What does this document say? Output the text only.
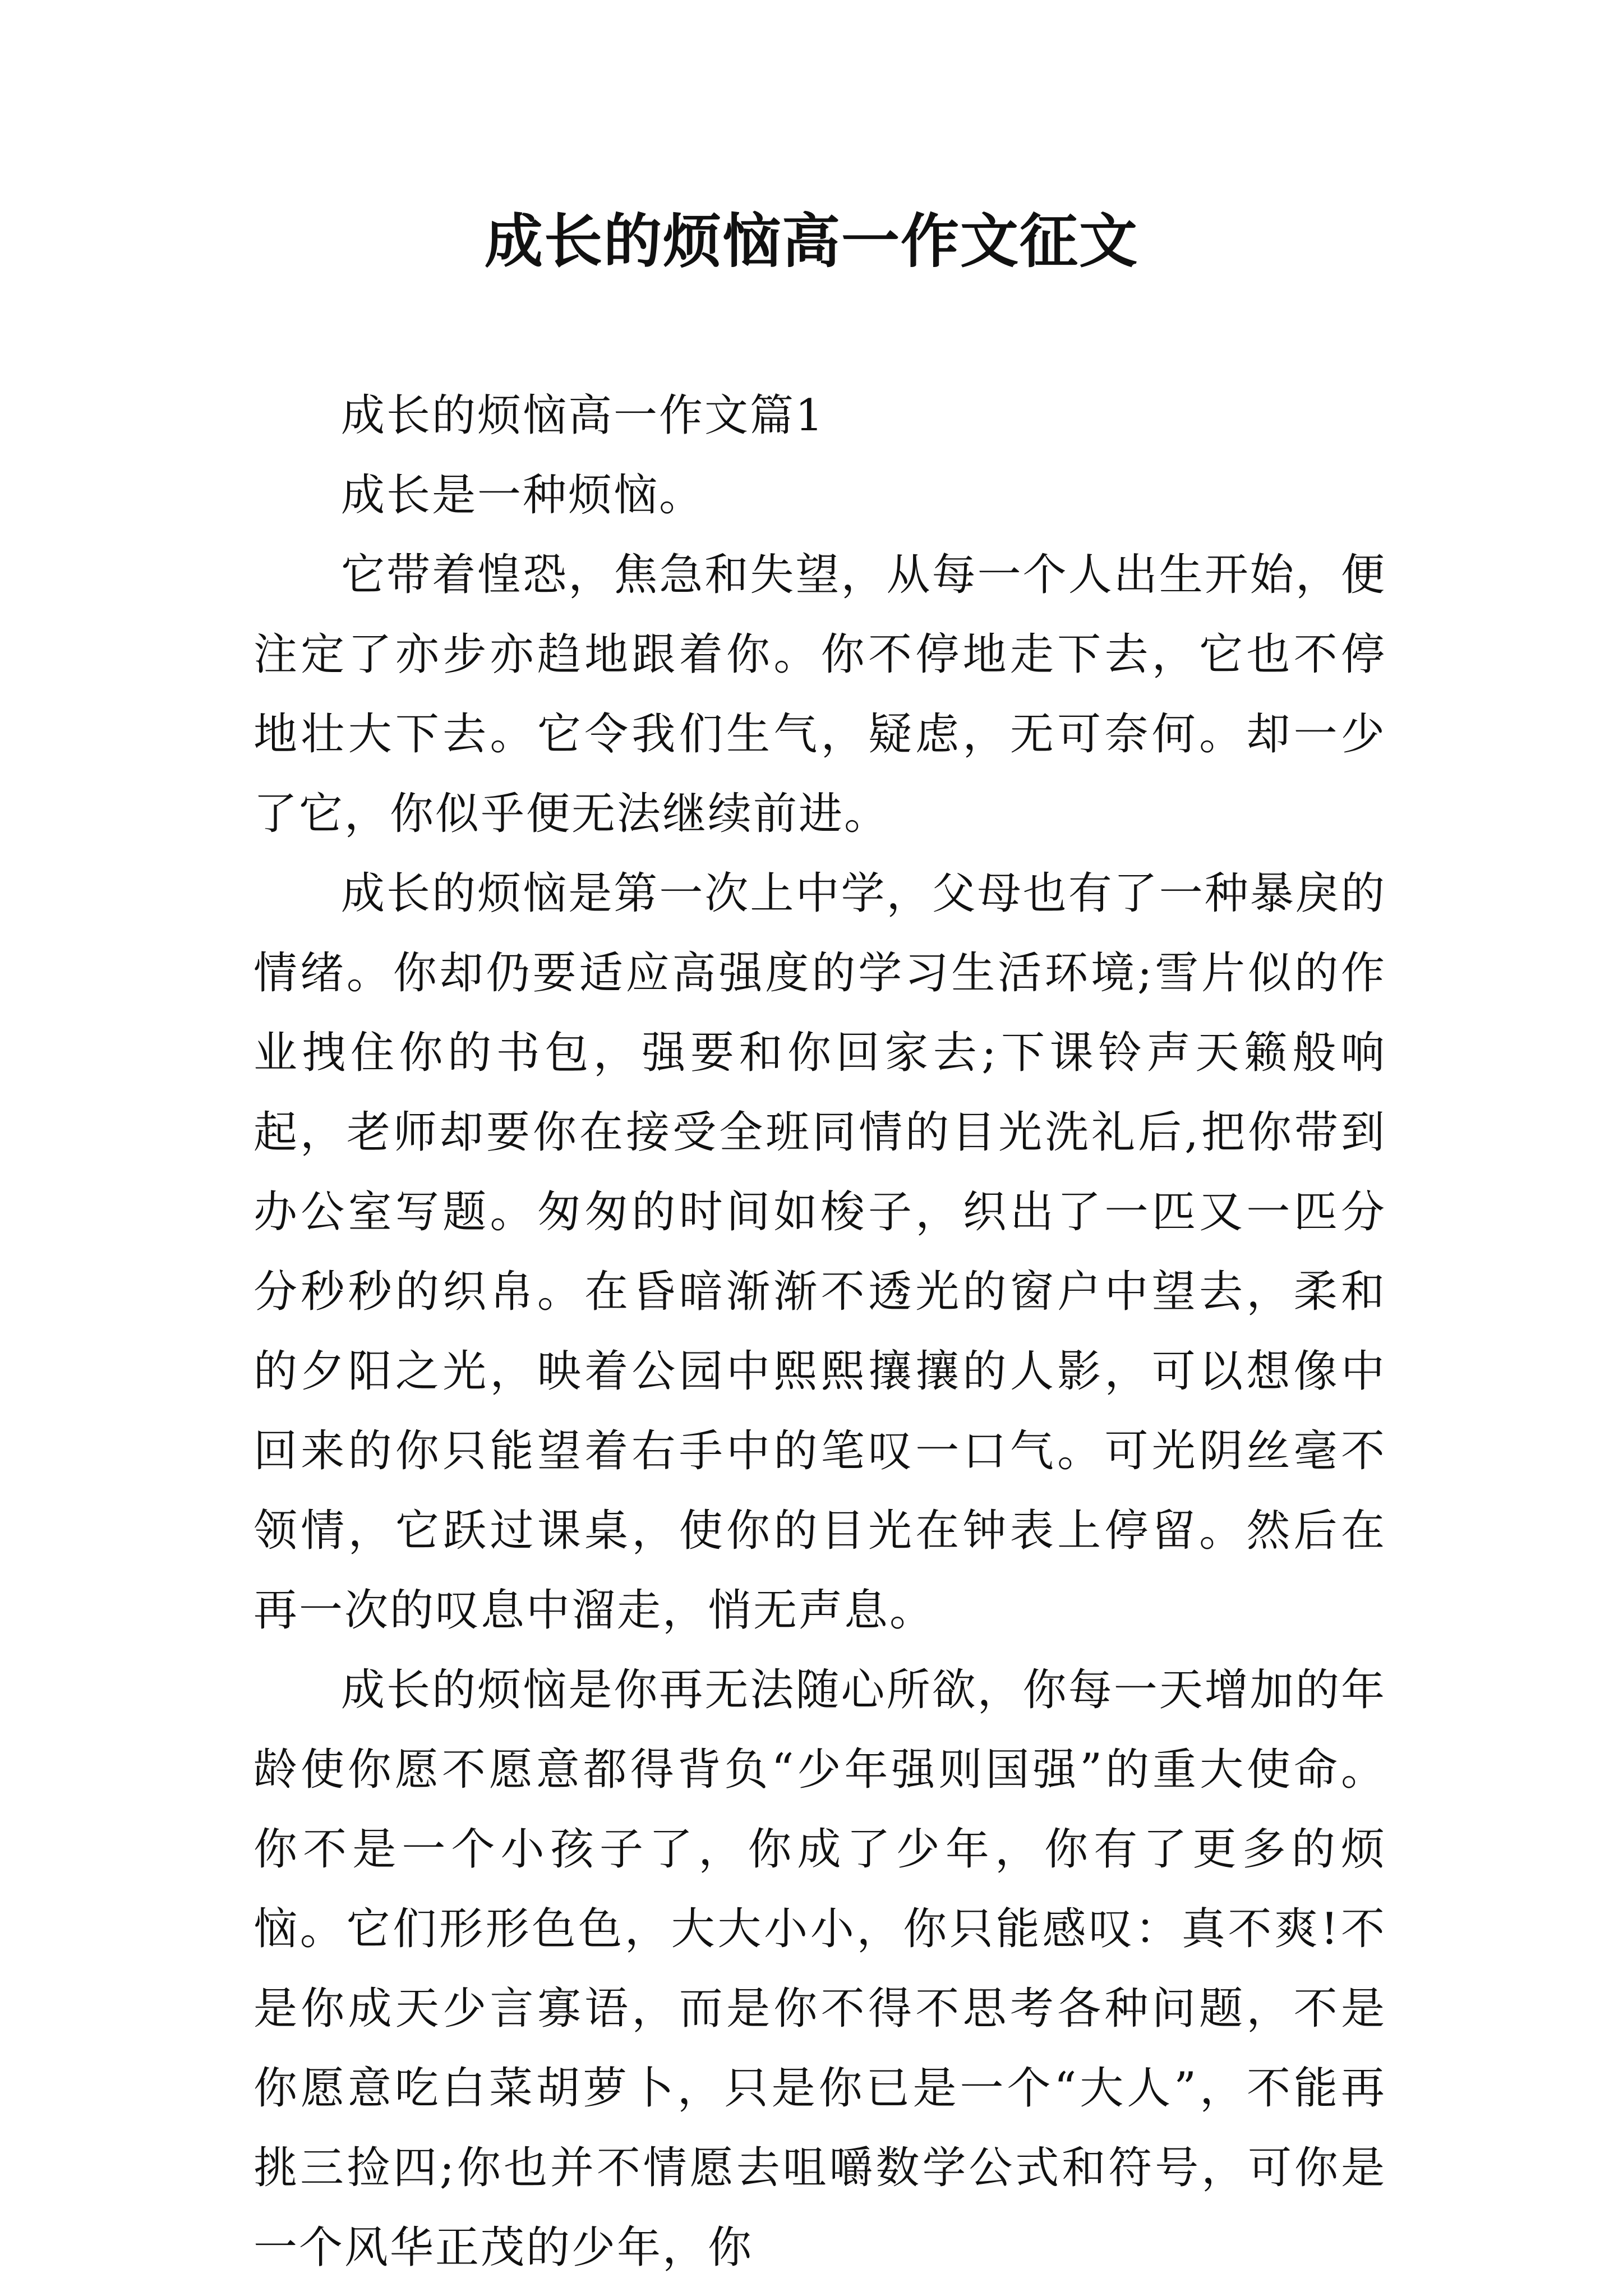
成长的烦恼高一作文征文

成长的烦恼高一作文篇1

成长是一种烦恼。

它带着惶恐，焦急和失望，从每一个人出生开始，便注定了亦步亦趋地跟着你。你不停地走下去，它也不停地壮大下去。它令我们生气，疑虑，无可奈何。却一少了它，你似乎便无法继续前进。

成长的烦恼是第一次上中学，父母也有了一种暴戾的情绪。你却仍要适应高强度的学习生活环境;雪片似的作业拽住你的书包，强要和你回家去;下课铃声天籁般响起，老师却要你在接受全班同情的目光洗礼后,把你带到办公室写题。匆匆的时间如梭子，织出了一匹又一匹分分秒秒的织帛。在昏暗渐渐不透光的窗户中望去，柔和的夕阳之光，映着公园中熙熙攘攘的人影，可以想像中回来的你只能望着右手中的笔叹一口气。可光阴丝毫不领情，它跃过课桌，使你的目光在钟表上停留。然后在再一次的叹息中溜走，悄无声息。

成长的烦恼是你再无法随心所欲，你每一天增加的年龄使你愿不愿意都得背负“少年强则国强”的重大使命。你不是一个小孩子了，你成了少年，你有了更多的烦恼。它们形形色色，大大小小，你只能感叹：真不爽!不是你成天少言寡语，而是你不得不思考各种问题，不是你愿意吃白菜胡萝卜，只是你已是一个“大人”，不能再挑三捡四;你也并不情愿去咀嚼数学公式和符号，可你是一个风华正茂的少年，你
